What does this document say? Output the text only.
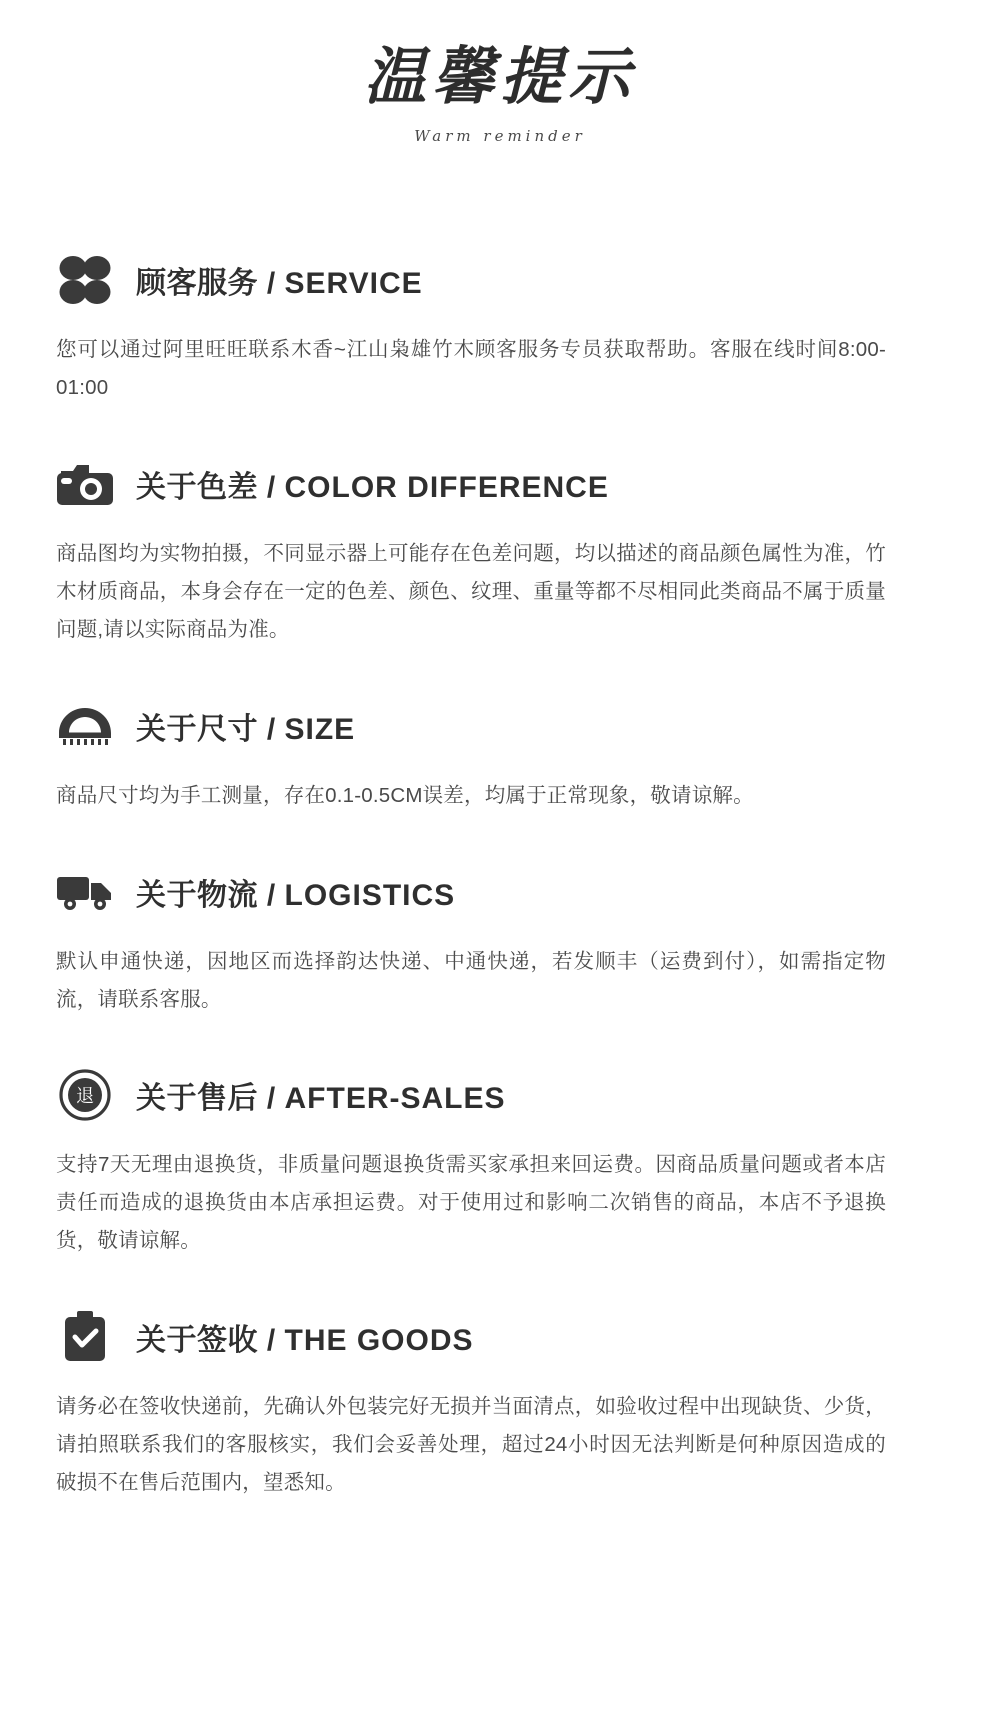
温馨提示
Warm reminder
顾客服务 / SERVICE
您可以通过阿里旺旺联系木香~江山枭雄竹木顾客服务专员获取帮助。客服在线时间8:00-01:00
关于色差 / COLOR DIFFERENCE
商品图均为实物拍摄，不同显示器上可能存在色差问题，均以描述的商品颜色属性为准，竹木材质商品，本身会存在一定的色差、颜色、纹理、重量等都不尽相同此类商品不属于质量问题,请以实际商品为准。
关于尺寸 / SIZE
商品尺寸均为手工测量，存在0.1-0.5CM误差，均属于正常现象，敬请谅解。
关于物流 / LOGISTICS
默认申通快递，因地区而选择韵达快递、中通快递，若发顺丰（运费到付），如需指定物流，请联系客服。
退 关于售后 / AFTER-SALES
支持7天无理由退换货，非质量问题退换货需买家承担来回运费。因商品质量问题或者本店责任而造成的退换货由本店承担运费。对于使用过和影响二次销售的商品，本店不予退换货，敬请谅解。
关于签收 / THE GOODS
请务必在签收快递前，先确认外包装完好无损并当面清点，如验收过程中出现缺货、少货，请拍照联系我们的客服核实，我们会妥善处理，超过24小时因无法判断是何种原因造成的破损不在售后范围内，望悉知。
